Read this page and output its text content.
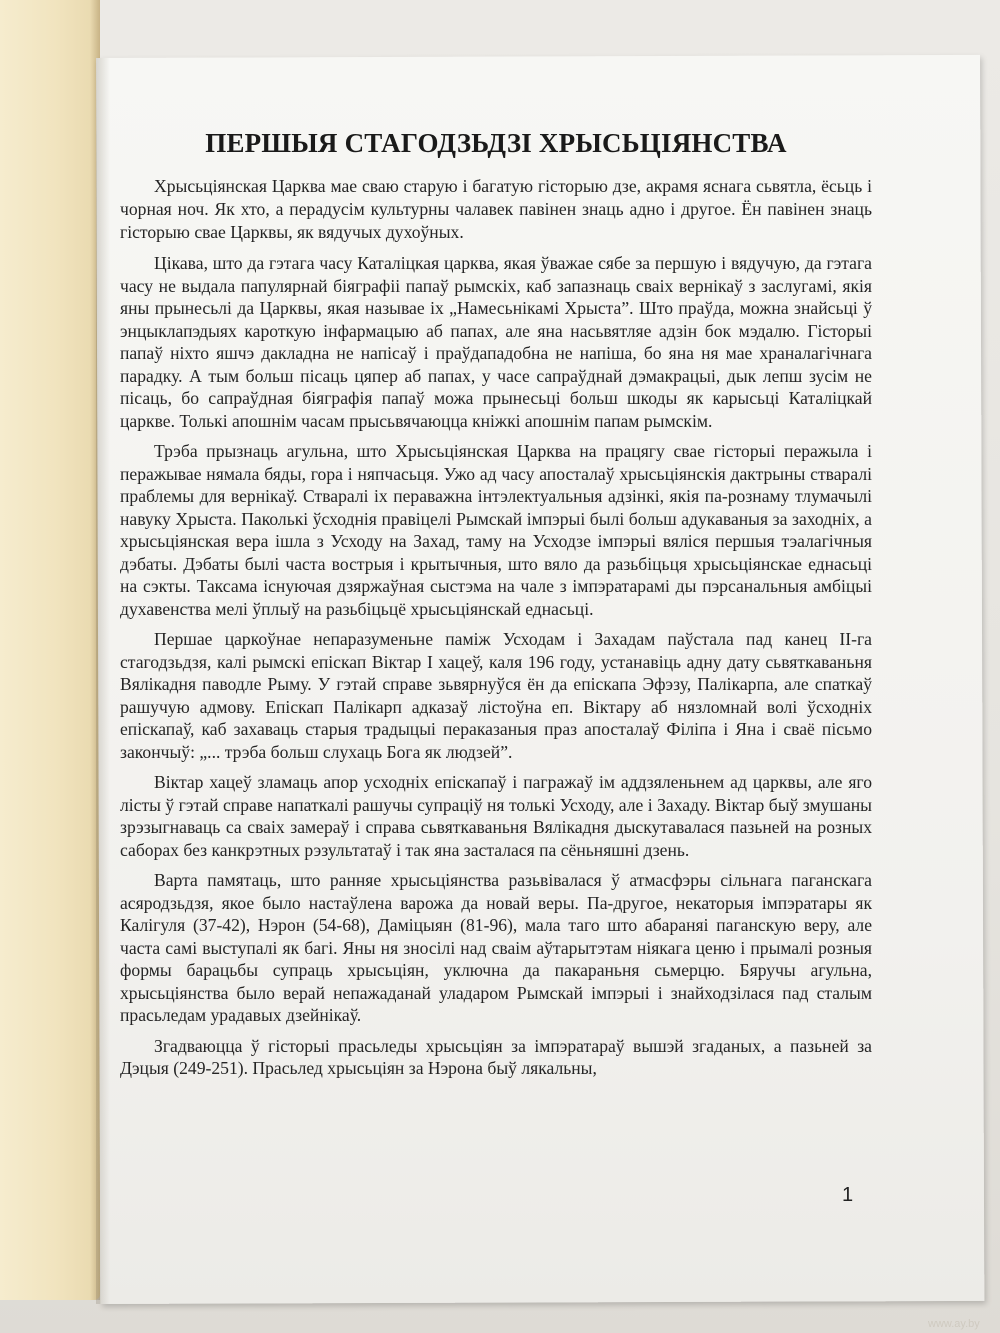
ПЕРШЫЯ СТАГОДЗЬДЗІ ХРЫСЬЦІЯНСТВА

Хрысьціянская Царква мае сваю старую і багатую гісторыю дзе, акрамя яснага сьвятла, ёсьць і чорная ноч. Як хто, а перадусім культурны чалавек павінен знаць адно і другое. Ён павінен знаць гісторыю свае Царквы, як вядучых духоўных.

Цікава, што да гэтага часу Каталіцкая царква, якая ўважае сябе за першую і вядучую, да гэтага часу не выдала папулярнай біяграфіі папаў рымскіх, каб запазнаць сваіх вернікаў з заслугамі, якія яны прынесьлі да Царквы, якая называе іх „Намесьнікамі Хрыста”. Што праўда, можна знайсьці ў энцыклапэдыях кароткую інфармацыю аб папах, але яна насьвятляе адзін бок мэдалю. Гісторыі папаў ніхто яшчэ дакладна не напісаў і праўдападобна не напіша, бо яна ня мае храналагічнага парадку. А тым больш пісаць цяпер аб папах, у часе сапраўднай дэмакрацыі, дык лепш зусім не пісаць, бо сапраўдная біяграфія папаў можа прынесьці больш шкоды як карысьці Каталіцкай царкве. Толькі апошнім часам прысьвячаюцца кніжкі апошнім папам рымскім.

Трэба прызнаць агульна, што Хрысьціянская Царква на працягу свае гісторыі перажыла і перажывае нямала бяды, гора і няпчасьця. Ужо ад часу апосталаў хрысьціянскія дактрыны стваралі праблемы для вернікаў. Стваралі іх пераважна інтэлектуальныя адзінкі, якія па-рознаму тлумачылі навуку Хрыста. Паколькі ўсходнія правіцелі Рымскай імпэрыі былі больш адукаваныя за заходніх, а хрысьціянская вера ішла з Усходу на Захад, таму на Усходзе імпэрыі вяліся першыя тэалагічныя дэбаты. Дэбаты былі часта вострыя і крытычныя, што вяло да разьбіцьця хрысьціянскае еднасьці на сэкты. Таксама існуючая дзяржаўная сыстэма на чале з імпэратарамі ды пэрсанальныя амбіцыі духавенства мелі ўплыў на разьбіцьцё хрысьціянскай еднасьці.

Першае царкоўнае непаразуменьне паміж Усходам і Захадам паўстала пад канец ІІ-га стагодзьдзя, калі рымскі епіскап Віктар І хацеў, каля 196 году, устанавіць адну дату сьвяткаваньня Вялікадня паводле Рыму. У гэтай справе зьвярнуўся ён да епіскапа Эфэзу, Палікарпа, але спаткаў рашучую адмову. Епіскап Палікарп адказаў лістоўна еп. Віктару аб нязломнай волі ўсходніх епіскапаў, каб захаваць старыя традыцыі пераказаныя праз апосталаў Філіпа і Яна і сваё пісьмо закончыў: „... трэба больш слухаць Бога як людзей”.

Віктар хацеў зламаць апор усходніх епіскапаў і пагражаў ім аддзяленьнем ад царквы, але яго лісты ў гэтай справе напаткалі рашучы супраціў ня толькі Усходу, але і Захаду. Віктар быў змушаны зрэзыгнаваць са сваіх замераў і справа сьвяткаваньня Вялікадня дыскутавалася пазьней на розных саборах без канкрэтных рэзультатаў і так яна засталася па сёньняшні дзень.

Варта памятаць, што ранняе хрысьціянства разьвівалася ў атмасфэры сільнага паганскага асяродзьдзя, якое было настаўлена варожа да новай веры. Па-другое, некаторыя імпэратары як Калігуля (37-42), Нэрон (54-68), Даміцыян (81-96), мала таго што абараняі паганскую веру, але часта самі выступалі як багі. Яны ня зносілі над сваім аўтарытэтам ніякага ценю і прымалі розныя формы барацьбы супраць хрысьціян, уключна да пакараньня сьмерцю. Бяручы агульна, хрысьціянства было верай непажаданай уладаром Рымскай імпэрыі і знайходзілася пад сталым прасьледам урадавых дзейнікаў.

Згадваюцца ў гісторыі прасьледы хрысьціян за імпэратараў вышэй згаданых, а пазьней за Дэцыя (249-251). Прасьлед хрысьціян за Нэрона быў лякальны,

1
www.ay.by
